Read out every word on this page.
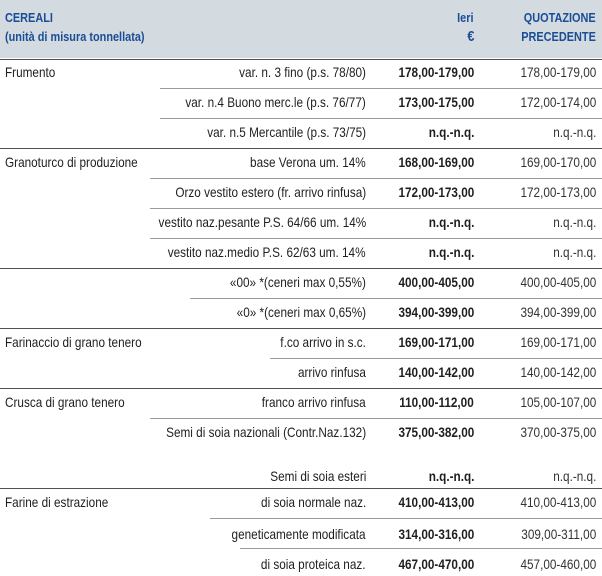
CEREALI
(unità di misura tonnellata)
Ieri
€
QUOTAZIONE
PRECEDENTE
Frumento	var. n. 3 fino (p.s. 78/80) 178,00-179,00	178,00-179,00
var. n.4 Buono merc.le (p.s. 76/77) 173,00-175,00	172,00-174,00
var. n.5 Mercantile (p.s. 73/75)	n.q.-n.q.	n.q.-n.q.
Granoturco di produzione	base Verona um. 14% 168,00-169,00	169,00-170,00
Orzo vestito estero (fr. arrivo rinfusa) 172,00-173,00	172,00-173,00
vestito naz.pesante P.S. 64/66 um. 14%	n.q.-n.q.	n.q.-n.q.
vestito naz.medio P.S. 62/63 um. 14%	n.q.-n.q.	n.q.-n.q.
«00» *(ceneri max 0,55%) 400,00-405,00	400,00-405,00
«0» *(ceneri max 0,65%) 394,00-399,00	394,00-399,00
Farinaccio di grano tenero	f.co arrivo in s.c. 169,00-171,00	169,00-171,00
arrivo rinfusa 140,00-142,00	140,00-142,00
Crusca di grano tenero	franco arrivo rinfusa 110,00-112,00	105,00-107,00
Semi di soia nazionali (Contr.Naz.132) 375,00-382,00	370,00-375,00
Semi di soia esteri	n.q.-n.q.	n.q.-n.q.
Farine di estrazione	di soia normale naz. 410,00-413,00	410,00-413,00
geneticamente modificata 314,00-316,00	309,00-311,00
di soia proteica naz. 467,00-470,00	457,00-460,00
